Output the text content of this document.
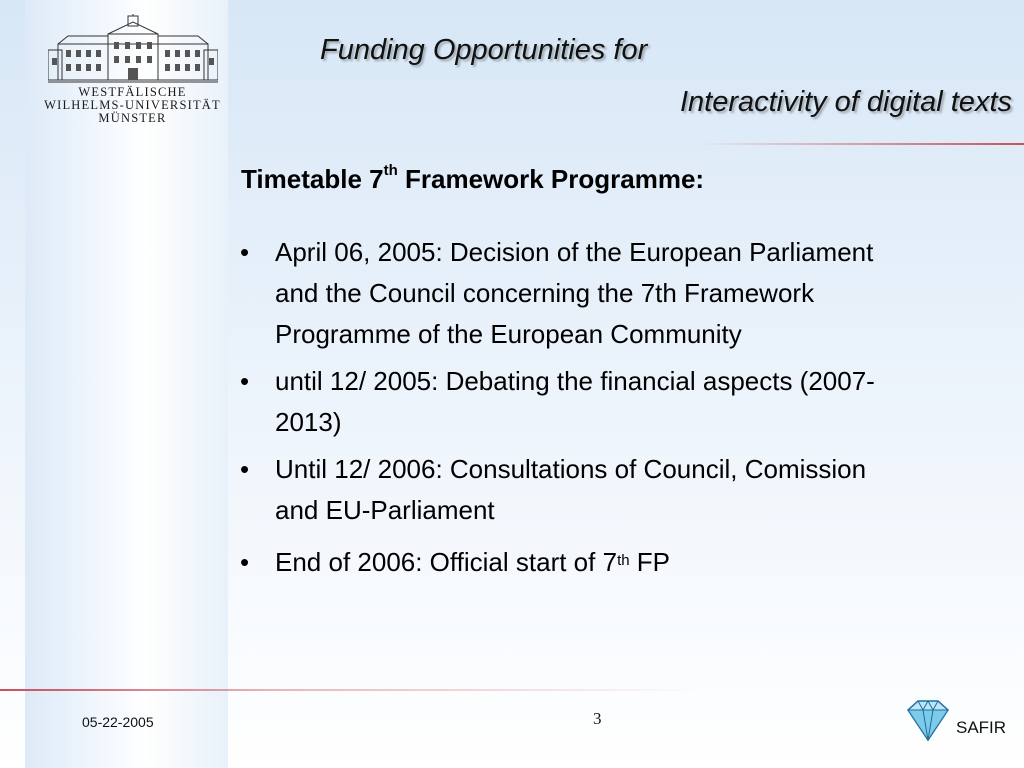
WESTFÄLISCHE
WILHELMS-UNIVERSITÄT
MÜNSTER
Funding Opportunities for
Interactivity of digital texts
Timetable 7th Framework Programme:
• April 06, 2005: Decision of the European Parliament and the Council concerning the 7th Framework Programme of the European Community
• until 12/ 2005: Debating the financial aspects (2007-2013)
• Until 12/ 2006: Consultations of Council, Comission and EU-Parliament
• End of 2006: Official start of 7th FP
05-22-2005	3	SAFIR
